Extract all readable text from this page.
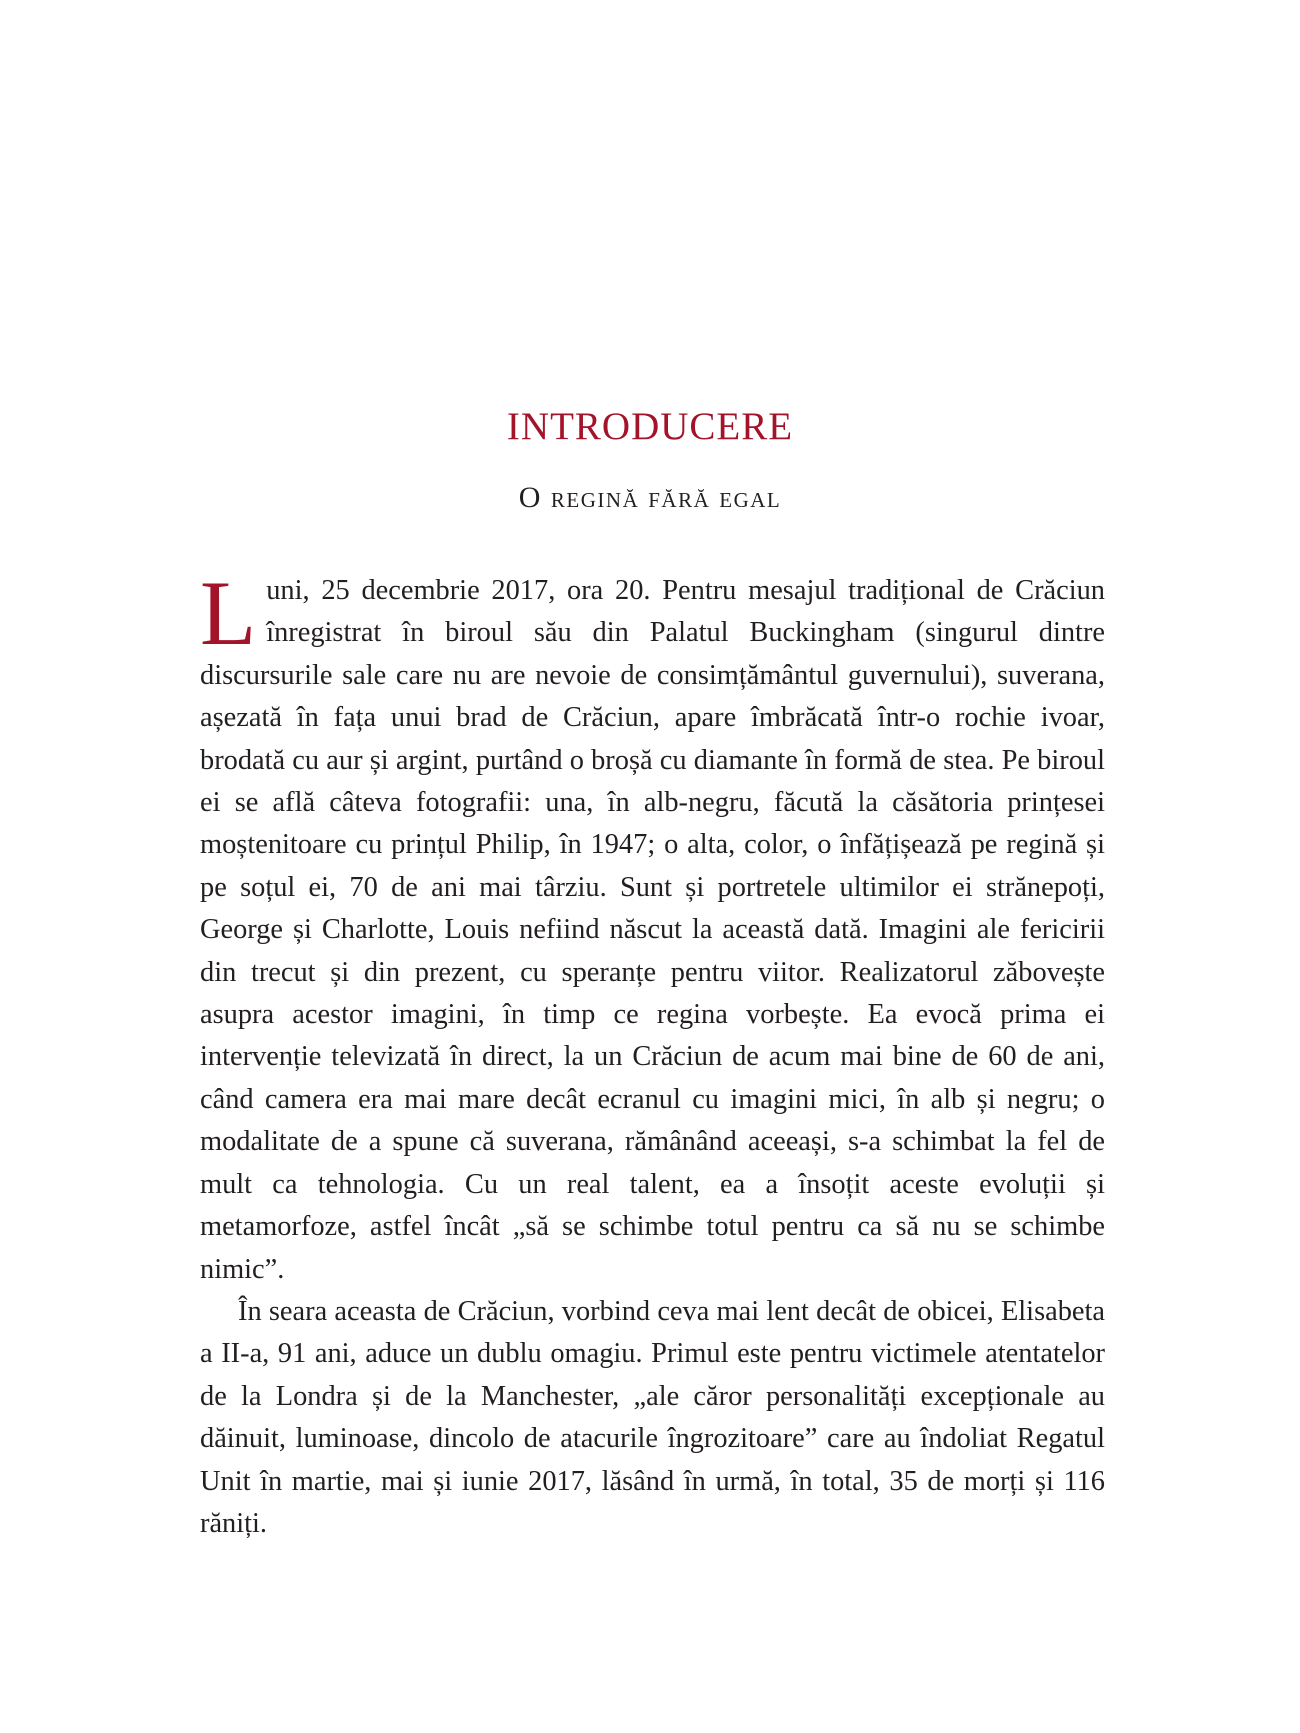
INTRODUCERE
O regină fără egal

Luni, 25 decembrie 2017, ora 20. Pentru mesajul tradițional de Crăciun înregistrat în biroul său din Palatul Buckingham (singurul dintre discursurile sale care nu are nevoie de consimțământul guvernului), suverana, așezată în fața unui brad de Crăciun, apare îmbrăcată într-o rochie ivoar, brodată cu aur și argint, purtând o broșă cu diamante în formă de stea. Pe biroul ei se află câteva fotografii: una, în alb-negru, făcută la căsătoria prințesei moștenitoare cu prințul Philip, în 1947; o alta, color, o înfățișează pe regină și pe soțul ei, 70 de ani mai târziu. Sunt și portretele ultimilor ei strănepoți, George și Charlotte, Louis nefiind născut la această dată. Imagini ale fericirii din trecut și din prezent, cu speranțe pentru viitor. Realizatorul zăbovește asupra acestor imagini, în timp ce regina vorbește. Ea evocă prima ei intervenție televizată în direct, la un Crăciun de acum mai bine de 60 de ani, când camera era mai mare decât ecranul cu imagini mici, în alb și negru; o modalitate de a spune că suverana, rămânând aceeași, s-a schimbat la fel de mult ca tehnologia. Cu un real talent, ea a însoțit aceste evoluții și metamorfoze, astfel încât „să se schimbe totul pentru ca să nu se schimbe nimic”.

În seara aceasta de Crăciun, vorbind ceva mai lent decât de obicei, Elisabeta a II-a, 91 ani, aduce un dublu omagiu. Primul este pentru victimele atentatelor de la Londra și de la Manchester, „ale căror personalități excepționale au dăinuit, luminoase, dincolo de atacurile îngrozitoare” care au îndoliat Regatul Unit în martie, mai și iunie 2017, lăsând în urmă, în total, 35 de morți și 116 răniți.
